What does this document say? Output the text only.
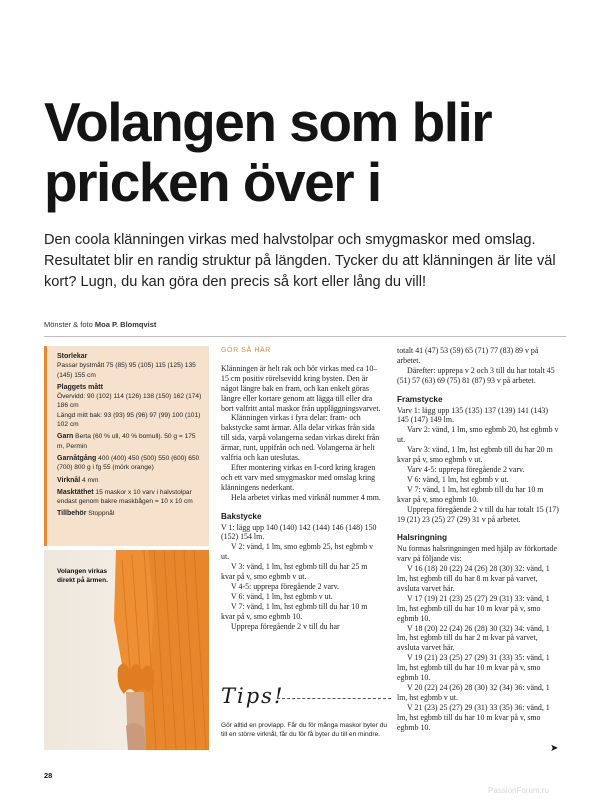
Volangen som blir pricken över i

Den coola klänningen virkas med halvstolpar och smygmaskor med omslag. Resultatet blir en randig struktur på längden. Tycker du att klänningen är lite väl kort? Lugn, du kan göra den precis så kort eller lång du vill!

Mönster & foto Moa P. Blomqvist
Storlekar
Passar bystmått 75 (85) 95 (105) 115 (125) 135 (145) 155 cm
Plaggets mått
Övervidd: 90 (102) 114 (126) 138 (150) 162 (174) 186 cm
Längd mitt bak: 93 (93) 95 (96) 97 (99) 100 (101) 102 cm
Garn Berta (60 % ull, 40 % bomull). 50 g = 175 m, Permin
Garnåtgång 400 (400) 450 (500) 550 (600) 650 (700) 800 g i fg 55 (mörk orange)
Virknål 4 mm
Masktäthet 15 maskor x 10 varv i halvstolpar endast genom bakre maskbågen = 10 x 10 cm
Tillbehör Stoppnål
Volangen virkas direkt på ärmen.
GÖR SÅ HÄR

Klänningen är helt rak och bör virkas med ca 10–15 cm positiv rörelsevidd kring bysten. Den är något längre bak en fram, och kan enkelt göras längre eller kortare genom att lägga till eller dra bort valfritt antal maskor från uppläggningsvarvet.

Klänningen virkas i fyra delar: fram- och bakstycke samt ärmar. Alla delar virkas från sida till sida, varpå volangerna sedan virkas direkt från ärmar, runt, uppifrån och ned. Volangerna är helt valfria och kan uteslutas.

Efter montering virkas en I-cord kring kragen och ett varv med smygmaskor med omslag kring klänningens nederkant.

Hela arbetet virkas med virknål nummer 4 mm.

Bakstycke

V 1: lägg upp 140 (140) 142 (144) 146 (148) 150 (152) 154 lm.

V 2: vänd, 1 lm, smo egbmb 25, hst egbmb v ut.

V 3: vänd, 1 lm, hst egbmb till du har 25 m kvar på v, smo egbmb v ut.

V 4-5: upprepa föregående 2 varv.

V 6: vänd, 1 lm, hst egbmb v ut.

V 7: vänd, 1 lm, hst egbmb till du har 10 m kvar på v, smo egbmb 10.

Upprepa föregående 2 v till du har

totalt 41 (47) 53 (59) 65 (71) 77 (83) 89 v på arbetet.

Därefter: upprepa v 2 och 3 till du har totalt 45 (51) 57 (63) 69 (75) 81 (87) 93 v på arbetet.

Framstycke

Varv 1: lägg upp 135 (135) 137 (139) 141 (143) 145 (147) 149 lm.

Varv 2: vänd, 1 lm, smo egbmb 20, hst egbmb v ut.

Varv 3: vänd, 1 lm, hst egbmb till du har 20 m kvar på v, smo egbmb v ut.

Varv 4-5: upprepa föregående 2 varv.

V 6: vänd, 1 lm, hst egbmb v ut.

V 7: vänd, 1 lm, hst egbmb till du har 10 m kvar på v, smo egbmb 10.

Upprepa föregående 2 v till du har totalt 15 (17) 19 (21) 23 (25) 27 (29) 31 v på arbetet.

Halsringning

Nu formas halsringningen med hjälp av förkortade varv på följande vis:

V 16 (18) 20 (22) 24 (26) 28 (30) 32: vänd, 1 lm, hst egbmb till du har 8 m kvar på varvet, avsluta varvet här.

V 17 (19) 21 (23) 25 (27) 29 (31) 33: vänd, 1 lm, hst egbmb till du har 10 m kvar på v, smo egbmb 10.

V 18 (20) 22 (24) 26 (28) 30 (32) 34: vänd, 1 lm, hst egbmb till du har 2 m kvar på varvet, avsluta varvet här.

V 19 (21) 23 (25) 27 (29) 31 (33) 35: vänd, 1 lm, hst egbmb till du har 10 m kvar på v, smo egbmb 10.

V 20 (22) 24 (26) 28 (30) 32 (34) 36: vänd, 1 lm, hst egbmb v ut.

V 21 (23) 25 (27) 29 (31) 33 (35) 36: vänd, 1 lm, hst egbmb till du har 10 m kvar på v, smo egbmb 10.

Tips!
Gör alltid en provlapp. Får du för många maskor byter du till en större virknål, får du för få byter du till en mindre.
➤
28
PassionForum.ru
